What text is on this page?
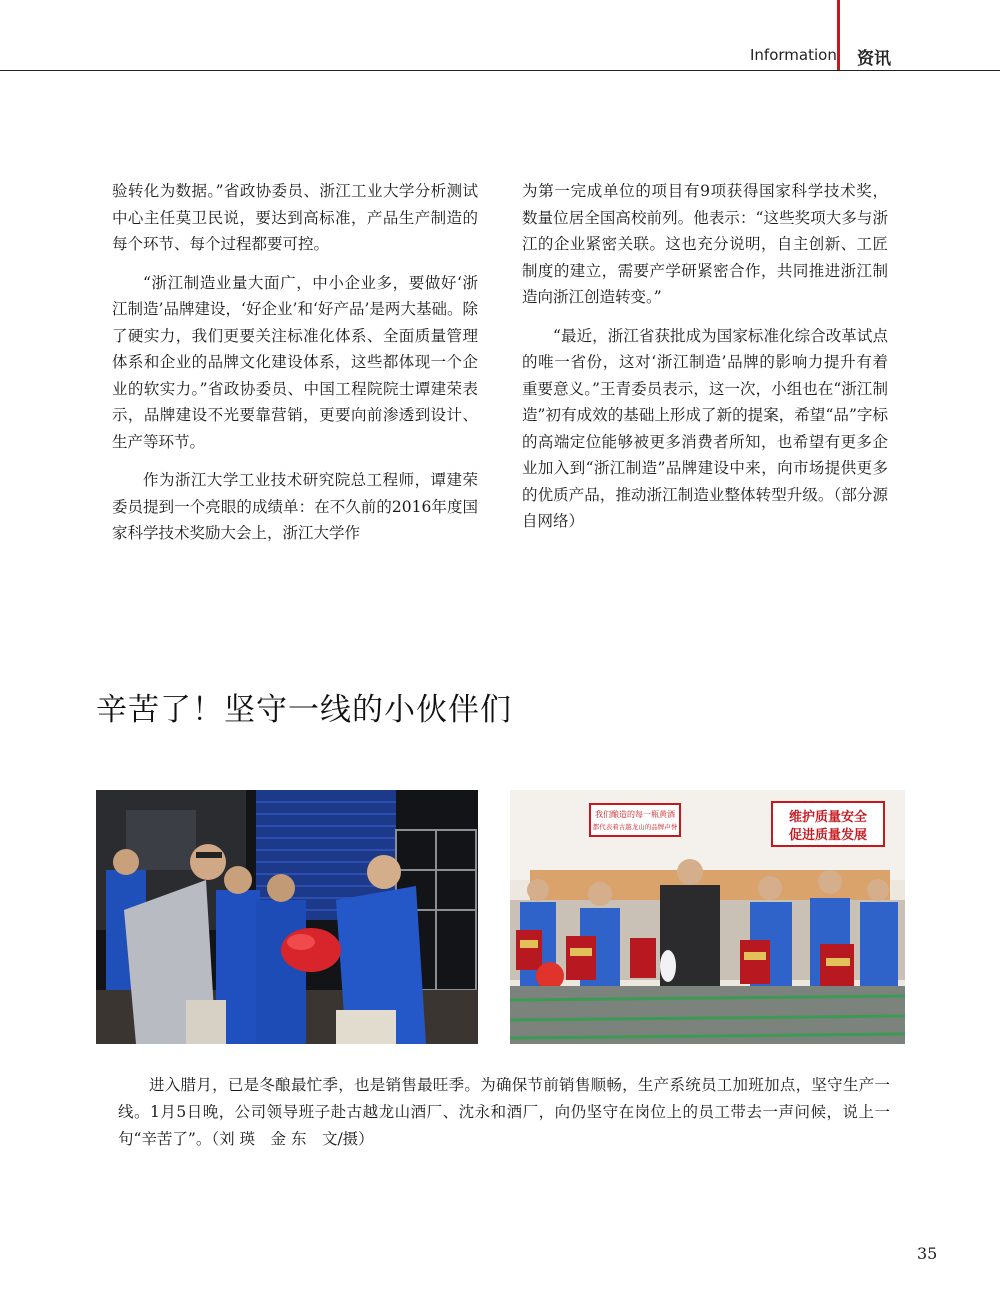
Information 资讯

验转化为数据。”省政协委员、浙江工业大学分析测试中心主任莫卫民说，要达到高标准，产品生产制造的每个环节、每个过程都要可控。

“浙江制造业量大面广，中小企业多，要做好‘浙江制造’品牌建设，‘好企业’和‘好产品’是两大基础。除了硬实力，我们更要关注标准化体系、全面质量管理体系和企业的品牌文化建设体系，这些都体现一个企业的软实力。”省政协委员、中国工程院院士谭建荣表示，品牌建设不光要靠营销，更要向前渗透到设计、生产等环节。

作为浙江大学工业技术研究院总工程师，谭建荣委员提到一个亮眼的成绩单：在不久前的2016年度国家科学技术奖励大会上，浙江大学作

为第一完成单位的项目有9项获得国家科学技术奖，数量位居全国高校前列。他表示：“这些奖项大多与浙江的企业紧密关联。这也充分说明，自主创新、工匠制度的建立，需要产学研紧密合作，共同推进浙江制造向浙江创造转变。”

“最近，浙江省获批成为国家标准化综合改革试点的唯一省份，这对‘浙江制造’品牌的影响力提升有着重要意义。”王青委员表示，这一次，小组也在“浙江制造”初有成效的基础上形成了新的提案，希望“品”字标的高端定位能够被更多消费者所知，也希望有更多企业加入到“浙江制造”品牌建设中来，向市场提供更多的优质产品，推动浙江制造业整体转型升级。（部分源自网络）

辛苦了！坚守一线的小伙伴们
我们酿造的每一瓶黄酒
都代表着古越龙山的品牌声誉
维护质量安全
促进质量发展

进入腊月，已是冬酿最忙季，也是销售最旺季。为确保节前销售顺畅，生产系统员工加班加点，坚守生产一线。1月5日晚，公司领导班子赴古越龙山酒厂、沈永和酒厂，向仍坚守在岗位上的员工带去一声问候，说上一句“辛苦了”。（刘 瑛　金 东　文/摄）

35
